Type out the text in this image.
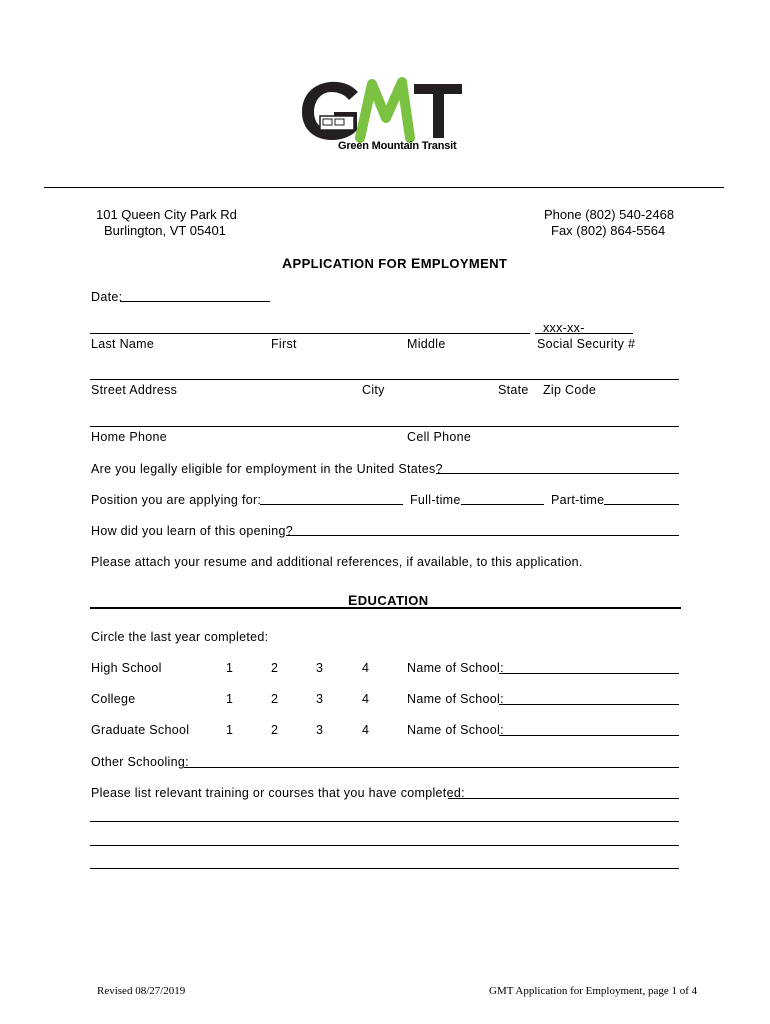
Green Mountain Transit
101 Queen City Park Rd
Burlington, VT 05401
Phone (802) 540-2468
Fax (802) 864-5564
APPLICATION FOR EMPLOYMENT
Date:
xxx-xx-
Last Name	First	Middle	Social Security #
Street Address	City	State Zip Code
Home Phone	Cell Phone
Are you legally eligible for employment in the United States?
Position you are applying for:	Full-time	Part-time
How did you learn of this opening?
Please attach your resume and additional references, if available, to this application.
EDUCATION
Circle the last year completed:
High School	1	2	3	4	Name of School:
College	1	2	3	4	Name of School:
Graduate School	1	2	3	4	Name of School:
Other Schooling:
Please list relevant training or courses that you have completed:
Revised 08/27/2019	GMT Application for Employment, page 1 of 4
